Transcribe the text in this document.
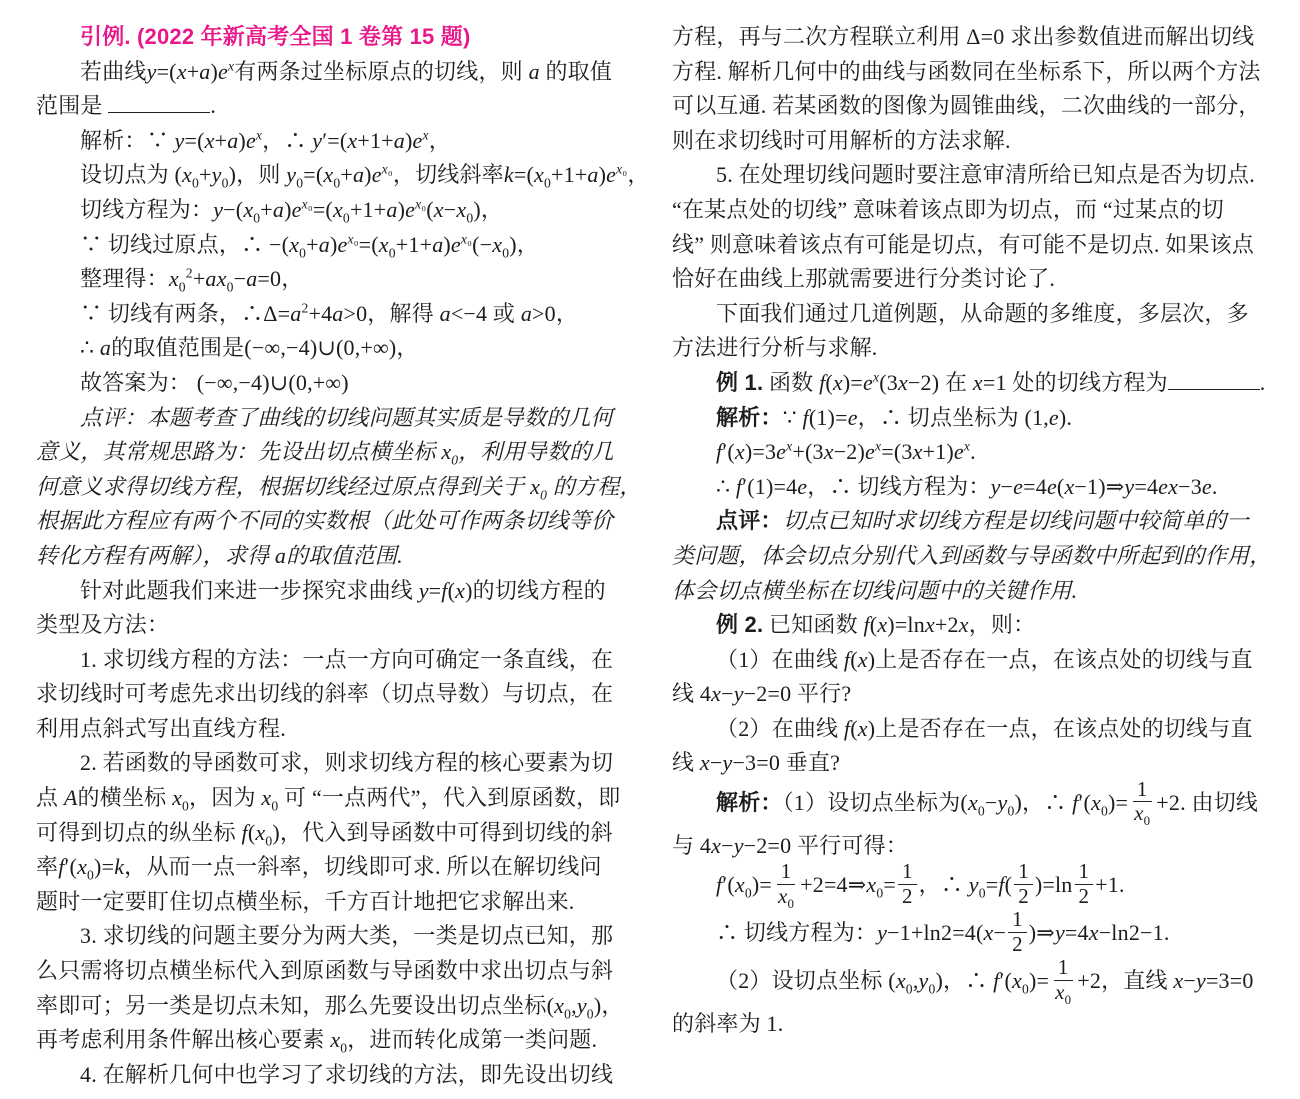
引例. (2022 年新高考全国 1 卷第 15 题)
若曲线$y=(x+a)e^x$有两条过坐标原点的切线，则 a 的取值
范围是	.
解析：∵ $y=(x+a)e^x$，∴ $y'=(x+1+a)e^x$，
设切点为 $(x_0+y_0)$，则 $y_0=(x_0+a)e^{x_0}$，切线斜率$k=(x_0+1+a)e^{x_0}$，
切线方程为：$y-(x_0+a)e^{x_0}=(x_0+1+a)e^{x_0}(x-x_0)$，
∵ 切线过原点，∴ $-(x_0+a)e^{x_0}=(x_0+1+a)e^{x_0}(-x_0)$，
整理得：$x_0^2+ax_0-a=0$，
∵ 切线有两条，$\therefore\Delta=a^2+4a>0$，解得 a<−4 或 a>0，
∴ a的取值范围是(−∞,−4)∪(0,+∞)，
故答案为： (−∞,−4)∪(0,+∞)
点评：本题考查了曲线的切线问题其实质是导数的几何
意义，其常规思路为：先设出切点横坐标 $x_0$，利用导数的几
何意义求得切线方程，根据切线经过原点得到关于 $x_0$ 的方程，
根据此方程应有两个不同的实数根（此处可作两条切线等价
转化方程有两解），求得 a的取值范围.
针对此题我们来进一步探究求曲线 y=f(x)的切线方程的
类型及方法：
1. 求切线方程的方法：一点一方向可确定一条直线，在
求切线时可考虑先求出切线的斜率（切点导数）与切点，在
利用点斜式写出直线方程.
2. 若函数的导函数可求，则求切线方程的核心要素为切
点 A的横坐标 $x_0$，因为 $x_0$ 可 “一点两代”，代入到原函数，即
可得到切点的纵坐标 $f(x_0)$，代入到导函数中可得到切线的斜
率$f'(x_0)=k$，从而一点一斜率，切线即可求. 所以在解切线问
题时一定要盯住切点横坐标，千方百计地把它求解出来.
3. 求切线的问题主要分为两大类，一类是切点已知，那
么只需将切点横坐标代入到原函数与导函数中求出切点与斜
率即可；另一类是切点未知，那么先要设出切点坐标$(x_0,y_0)$，
再考虑利用条件解出核心要素 $x_0$，进而转化成第一类问题.
4. 在解析几何中也学习了求切线的方法，即先设出切线
方程，再与二次方程联立利用 Δ=0 求出参数值进而解出切线
方程. 解析几何中的曲线与函数同在坐标系下，所以两个方法
可以互通. 若某函数的图像为圆锥曲线，二次曲线的一部分，
则在求切线时可用解析的方法求解.
5. 在处理切线问题时要注意审清所给已知点是否为切点.
“在某点处的切线” 意味着该点即为切点，而 “过某点的切
线” 则意味着该点有可能是切点，有可能不是切点. 如果该点
恰好在曲线上那就需要进行分类讨论了.
下面我们通过几道例题，从命题的多维度，多层次，多
方法进行分析与求解.
例 1. 函数 $f(x)=e^x(3x-2)$ 在 x=1 处的切线方程为	.
解析：∵ f(1)=e，∴ 切点坐标为 (1,e).
$f'(x)=3e^x+(3x-2)e^x=(3x+1)e^x$.
∴ f′(1)=4e，∴ 切线方程为：y−e=4e(x−1)⇒y=4ex−3e.
点评：切点已知时求切线方程是切线问题中较简单的一
类问题，体会切点分别代入到函数与导函数中所起到的作用，
体会切点横坐标在切线问题中的关键作用.
例 2. 已知函数 f(x)=lnx+2x，则：
（1）在曲线 f(x)上是否存在一点，在该点处的切线与直
线 4x−y−2=0 平行?
（2）在曲线 f(x)上是否存在一点，在该点处的切线与直
线 x−y−3=0 垂直?
解析：（1）设切点坐标为$(x_0-y_0)$，∴ $f'(x_0)= \frac{1}{x_0} +2$. 由切线
与 4x−y−2=0 平行可得：
$f'(x_0)= \frac{1}{x_0}$ $+2=4\Rightarrow x_0= \frac{1}{2}$ ，∴ $y_0=f( \frac{1}{2} )=\ln \frac{1}{2} +1$.
∴ 切线方程为：$y-1+\ln 2=4(x- \frac{1}{2}$ )⇒y=4x−ln2−1.
（2）设切点坐标 $(x_0,y_0)$，∴ $f'(x_0)= \frac{1}{x_0} +2$，直线 x−y=3=0
的斜率为 1.
